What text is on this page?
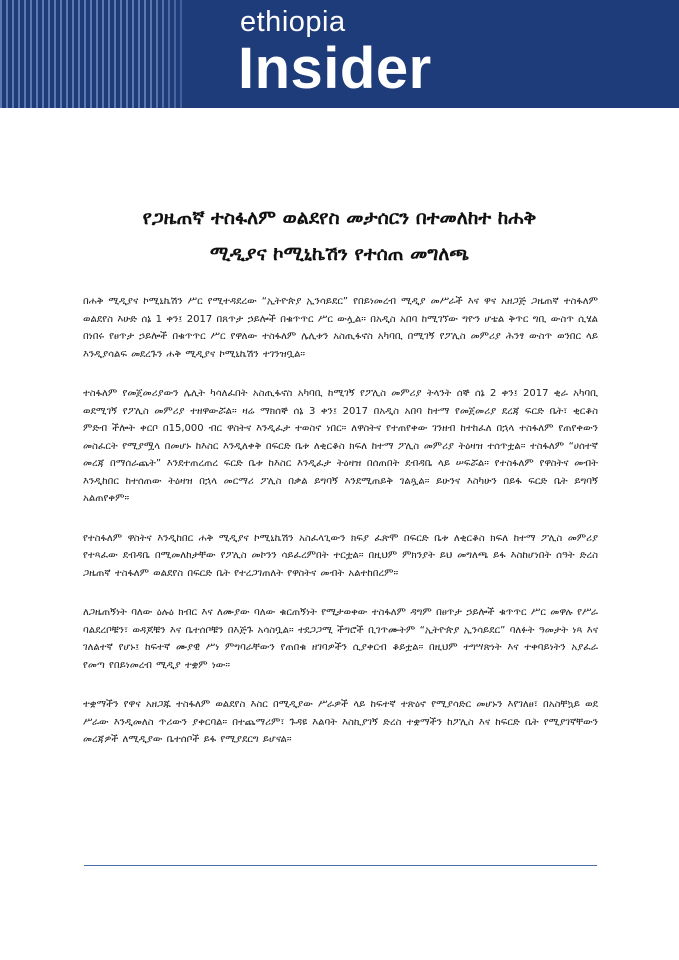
ethiopia
Insider
የጋዜጠኛ ተስፋለም ወልደየስ መታሰርን በተመለከተ ከሐቅ
ሚዲያና ኮሚኒኬሽን የተሰጠ መግለጫ

በሐቅ ሚዲያና ኮሚኒኬሽን ሥር የሚተዳደረው “ኢትዮጵያ ኢንሳይደር” የበይነመረብ ሚዲያ መሥራች እና ዋና አዘጋጅ ጋዜጠኛ ተስፋለም ወልደየስ እሁድ ሰኔ 1 ቀን፤ 2017 በጸጥታ ኃይሎች በቁጥጥር ሥር ውሏል። በአዲስ አበባ ከሚገኘው ግዮን ሆቴል ቅጥር ግቢ ውስጥ ሲሄል በነበሩ የፀጥታ ኃይሎች በቁጥጥር ሥር የዋለው ተስፋለም ሌሊቱን አስጢፋኖስ አካባቢ በሚገኝ የፖሊስ መምሪያ ሕንፃ ውስጥ ወንበር ላይ እንዲያሳልፍ መደረጉን ሐቅ ሚዲያና ኮሚኒኬሽን ተገንዝቧል።

ተስፋለም የመጀመሪያውን ሌሊት ካሳለፈበት አስጢፋኖስ አካባቢ ከሚገኝ የፖሊስ መምሪያ ትላንት ሰኞ ሰኔ 2 ቀን፤ 2017 ቂራ አካባቢ ወደሚገኝ የፖሊስ መምሪያ ተዘዋውሯል። ዛሬ ማክሰኞ ሰኔ 3 ቀን፤ 2017 በአዲስ አበባ ከተማ የመጀመሪያ ደረጃ ፍርድ ቤት፣ ቂርቆስ ምድብ ችሎት ቀርቦ በ15,000 ብር ዋስትና እንዲፈታ ተወስኖ ነበር። ለዋስትና የተጠየቀው ገንዘብ ከተከፈለ በኋላ ተስፋለም የጠየቀውን መስፈርት የሚያሟላ በመሆኑ ከእስር እንዲለቀቅ በፍርድ ቤቱ ለቂርቆስ ክፍለ ከተማ ፖሊስ መምሪያ ትዕዛዝ ተሰጥቷል። ተስፋለም “ሀሰተኛ መረጃ በማሰራጨት” እንደተጠረጠረ ፍርድ ቤቱ ከእስር እንዲፈታ ትዕዛዝ በሰጠበት ደብዳቤ ላይ ሠፍሯል። የተስፋለም የዋስትና መብት እንዲከበር ከተሰጠው ትዕዛዝ በኋላ መርማሪ ፖሊስ በቃል ይግባኝ እንደሚጠይቅ ገልጿል። ይሁንና እስካሁን በይፋ ፍርድ ቤት ይግባኝ አልጠየቀም።

የተስፋለም ዋስትና እንዲከበር ሐቅ ሚዲያና ኮሚኒኬሽን አስፈላጊውን ክፍያ ፈጽሞ በፍርድ ቤቱ ለቂርቆስ ክፍለ ከተማ ፖሊስ መምሪያ የተጻፈው ደብዳቤ በሚመለከታቸው የፖሊስ መኮንን ሳይፈረምበት ተርቷል። በዚህም ምክንያት ይህ መግለጫ ይፋ እስከሆነበት ሰዓት ድረስ ጋዜጠኛ ተስፋለም ወልደየስ በፍርድ ቤት የተረጋገጠለት የዋስትና መብት አልተከበረም።

ለጋዜጠኝነት ባለው ዕሉዕ ክብር እና ለሙያው ባለው ቁርጠኝነት የሚታወቀው ተስፋለም ዳግም በፀጥታ ኃይሎች ቁጥጥር ሥር መዋሉ የሥራ ባልደረቦቹን፣ ወዳጆቹን እና ቤተሰቦቹን በእጅጉ አሳስቧል። ተደጋጋሚ ችግሮች ቢገጥሙትም “ኢትዮጵያ ኢንሳይደር” ባለፉት ዓመታት ነጻ እና ገለልተኛ የሆኑ፤ ከፍተኛ ሙያዊ ሥነ ምግባራቸውን የጠበቁ ዘገባዎችን ሲያቀርብ ቆይቷል። በዚህም ተግሣጽነት እና ተቀባይነትን አያፈራ የመጣ የበይነመረብ ሚዲያ ተቋም ነው።

ተቋማችን የዋና አዘጋጁ ተስፋለም ወልደየስ እስር በሚዲያው ሥራዎች ላይ ከፍተኛ ተጽዕኖ የሚያሳድር መሆኑን እየገለፀ፣ በአስቸኳይ ወደ ሥራው እንዲመለስ ጥሪውን ያቀርባል። በተጨማሪም፣ ጉዳዩ እልባት እስኪያገኝ ድረስ ተቋማችን ከፖሊስ እና ከፍርድ ቤት የሚያገኛቸውን መረጃዎች ለሚዲያው ቤተሰቦች ይፋ የሚያደርግ ይሆናል።
